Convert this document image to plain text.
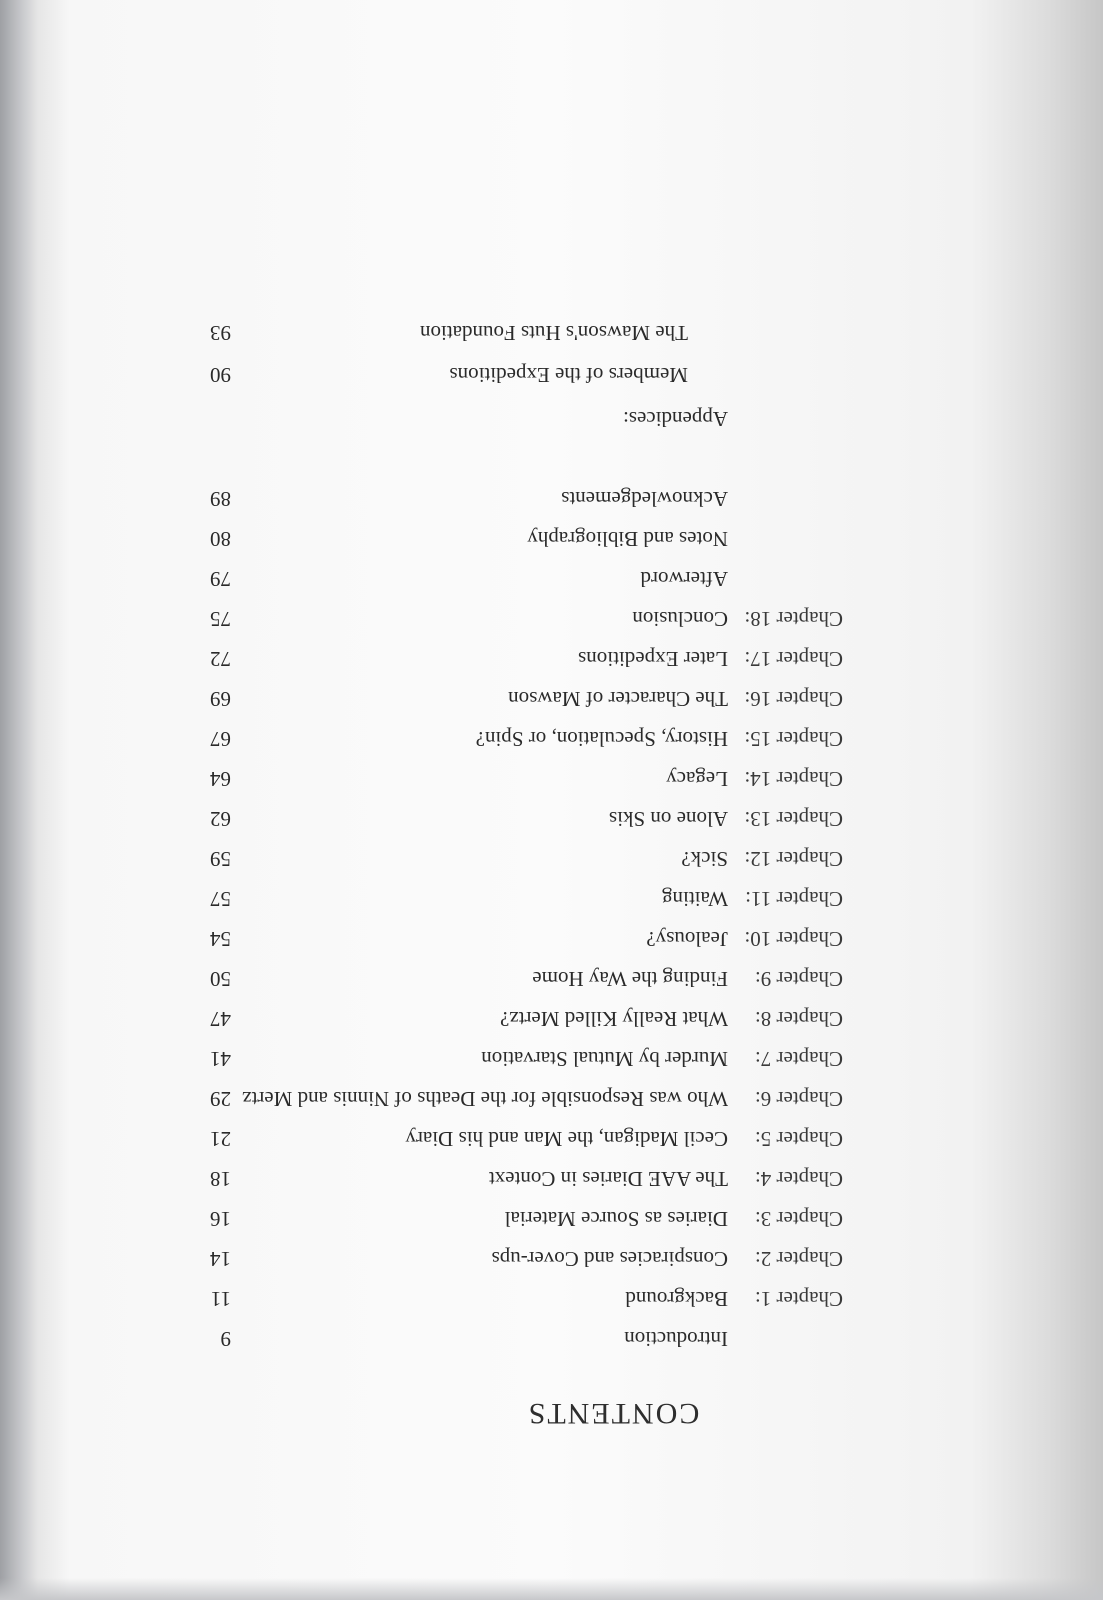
CONTENTS
Introduction
9
Chapter 1:
Background
11
Chapter 2:
Conspiracies and Cover-ups
14
Chapter 3:
Diaries as Source Material
16
Chapter 4:
The AAE Diaries in Context
18
Chapter 5:
Cecil Madigan, the Man and his Diary
21
Chapter 6:
Who was Responsible for the Deaths of Ninnis and Mertz
29
Chapter 7:
Murder by Mutual Starvation
41
Chapter 8:
What Really Killed Mertz?
47
Chapter 9:
Finding the Way Home
50
Chapter 10:
Jealousy?
54
Chapter 11:
Waiting
57
Chapter 12:
Sick?
59
Chapter 13:
Alone on Skis
62
Chapter 14:
Legacy
64
Chapter 15:
History, Speculation, or Spin?
67
Chapter 16:
The Character of Mawson
69
Chapter 17:
Later Expeditions
72
Chapter 18:
Conclusion
75
Afterword
79
Notes and Bibliography
80
Acknowledgements
89
Appendices:
Members of the Expeditions
90
The Mawson's Huts Foundation
93
